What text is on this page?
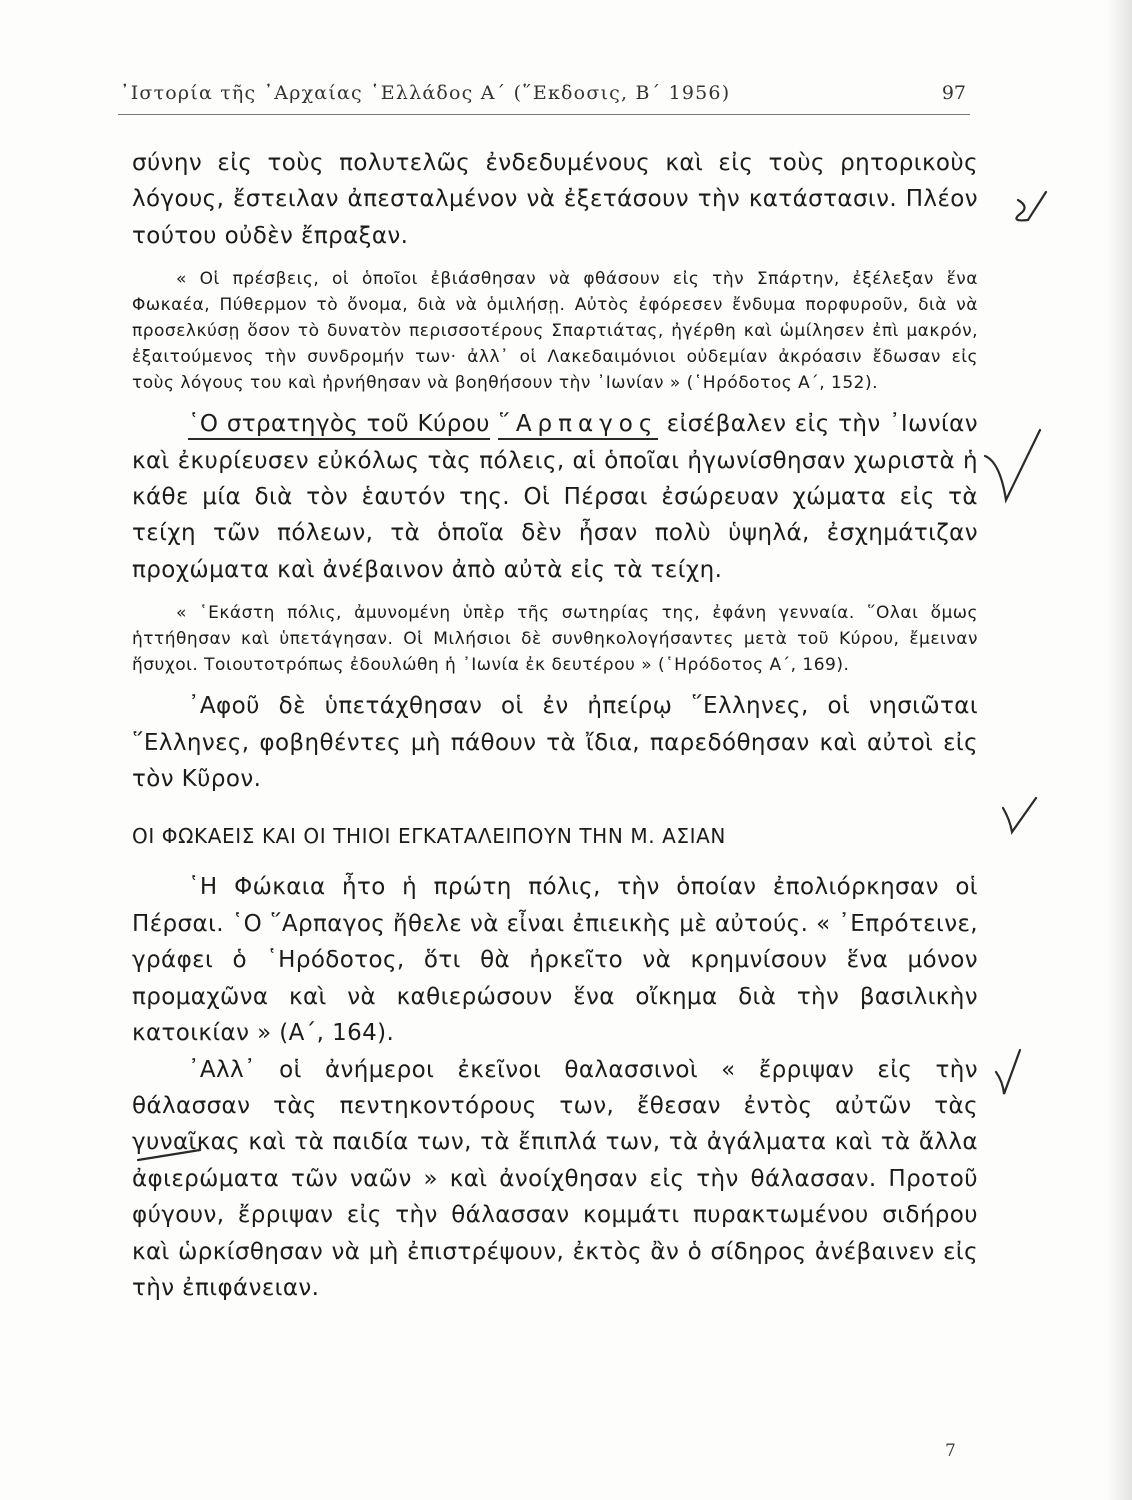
᾿Ιστορία τῆς ᾿Αρχαίας ῾Ελλάδος Α΄ (῞Εκδοσις, Β΄ 1956)	97

σύνην εἰς τοὺς πολυτελῶς ἐνδεδυμένους καὶ εἰς τοὺς ρητορικοὺς λόγους, ἔστειλαν ἀπεσταλμένον νὰ ἐξετάσουν τὴν κατάστασιν. Πλέον τούτου οὐδὲν ἔπραξαν.

« Οἱ πρέσβεις, οἱ ὁποῖοι ἐβιάσθησαν νὰ φθάσουν εἰς τὴν Σπάρτην, ἐξέλεξαν ἕνα Φωκαέα, Πύθερμον τὸ ὄνομα, διὰ νὰ ὁμιλήσῃ. Αὐτὸς ἐφόρεσεν ἔνδυμα πορφυροῦν, διὰ νὰ προσελκύσῃ ὅσον τὸ δυνατὸν περισσοτέρους Σπαρτιάτας, ἠγέρθη καὶ ὡμίλησεν ἐπὶ μακρόν, ἐξαιτούμενος τὴν συνδρομήν των· ἀλλ᾿ οἱ Λακεδαιμόνιοι οὐδεμίαν ἀκρόασιν ἔδωσαν εἰς τοὺς λόγους του καὶ ἠρνήθησαν νὰ βοηθήσουν τὴν ᾿Ιωνίαν » (῾Ηρόδοτος Α΄, 152).

῾Ο στρατηγὸς τοῦ Κύρου ῞Αρπαγος εἰσέβαλεν εἰς τὴν ᾿Ιωνίαν καὶ ἐκυρίευσεν εὐκόλως τὰς πόλεις, αἱ ὁποῖαι ἠγωνίσθησαν χωριστὰ ἡ κάθε μία διὰ τὸν ἑαυτόν της. Οἱ Πέρσαι ἐσώρευαν χώματα εἰς τὰ τείχη τῶν πόλεων, τὰ ὁποῖα δὲν ἦσαν πολὺ ὑψηλά, ἐσχημάτιζαν προχώματα καὶ ἀνέβαινον ἀπὸ αὐτὰ εἰς τὰ τείχη.

« ῾Εκάστη πόλις, ἀμυνομένη ὑπὲρ τῆς σωτηρίας της, ἐφάνη γενναία. ῞Ολαι ὅμως ἡττήθησαν καὶ ὑπετάγησαν. Οἱ Μιλήσιοι δὲ συνθηκολογήσαντες μετὰ τοῦ Κύρου, ἔμειναν ἥσυχοι. Τοιουτοτρόπως ἐδουλώθη ἡ ᾿Ιωνία ἐκ δευτέρου » (῾Ηρόδοτος Α΄, 169).

᾿Αφοῦ δὲ ὑπετάχθησαν οἱ ἐν ἠπείρῳ ῞Ελληνες, οἱ νησιῶται ῞Ελληνες, φοβηθέντες μὴ πάθουν τὰ ἴδια, παρεδόθησαν καὶ αὐτοὶ εἰς τὸν Κῦρον.

ΟΙ ΦΩΚΑΕΙΣ ΚΑΙ ΟΙ ΤΗΙΟΙ ΕΓΚΑΤΑΛΕΙΠΟΥΝ ΤΗΝ Μ. ΑΣΙΑΝ

῾Η Φώκαια ἦτο ἡ πρώτη πόλις, τὴν ὁποίαν ἐπολιόρκησαν οἱ Πέρσαι. ῾Ο ῞Αρπαγος ἤθελε νὰ εἶναι ἐπιεικὴς μὲ αὐτούς. « ᾿Επρότεινε, γράφει ὁ ῾Ηρόδοτος, ὅτι θὰ ἠρκεῖτο νὰ κρημνίσουν ἕνα μόνον προμαχῶνα καὶ νὰ καθιερώσουν ἕνα οἴκημα διὰ τὴν βασιλικὴν κατοικίαν » (Α΄, 164).

᾿Αλλ᾿ οἱ ἀνήμεροι ἐκεῖνοι θαλασσινοὶ « ἔρριψαν εἰς τὴν θάλασσαν τὰς πεντηκοντόρους των, ἔθεσαν ἐντὸς αὐτῶν τὰς γυναῖκας καὶ τὰ παιδία των, τὰ ἔπιπλά των, τὰ ἀγάλματα καὶ τὰ ἄλλα ἀφιερώματα τῶν ναῶν » καὶ ἀνοίχθησαν εἰς τὴν θάλασσαν. Προτοῦ φύγουν, ἔρριψαν εἰς τὴν θάλασσαν κομμάτι πυρακτωμένου σιδήρου καὶ ὡρκίσθησαν νὰ μὴ ἐπιστρέψουν, ἐκτὸς ἂν ὁ σίδηρος ἀνέβαινεν εἰς τὴν ἐπιφάνειαν.

7
